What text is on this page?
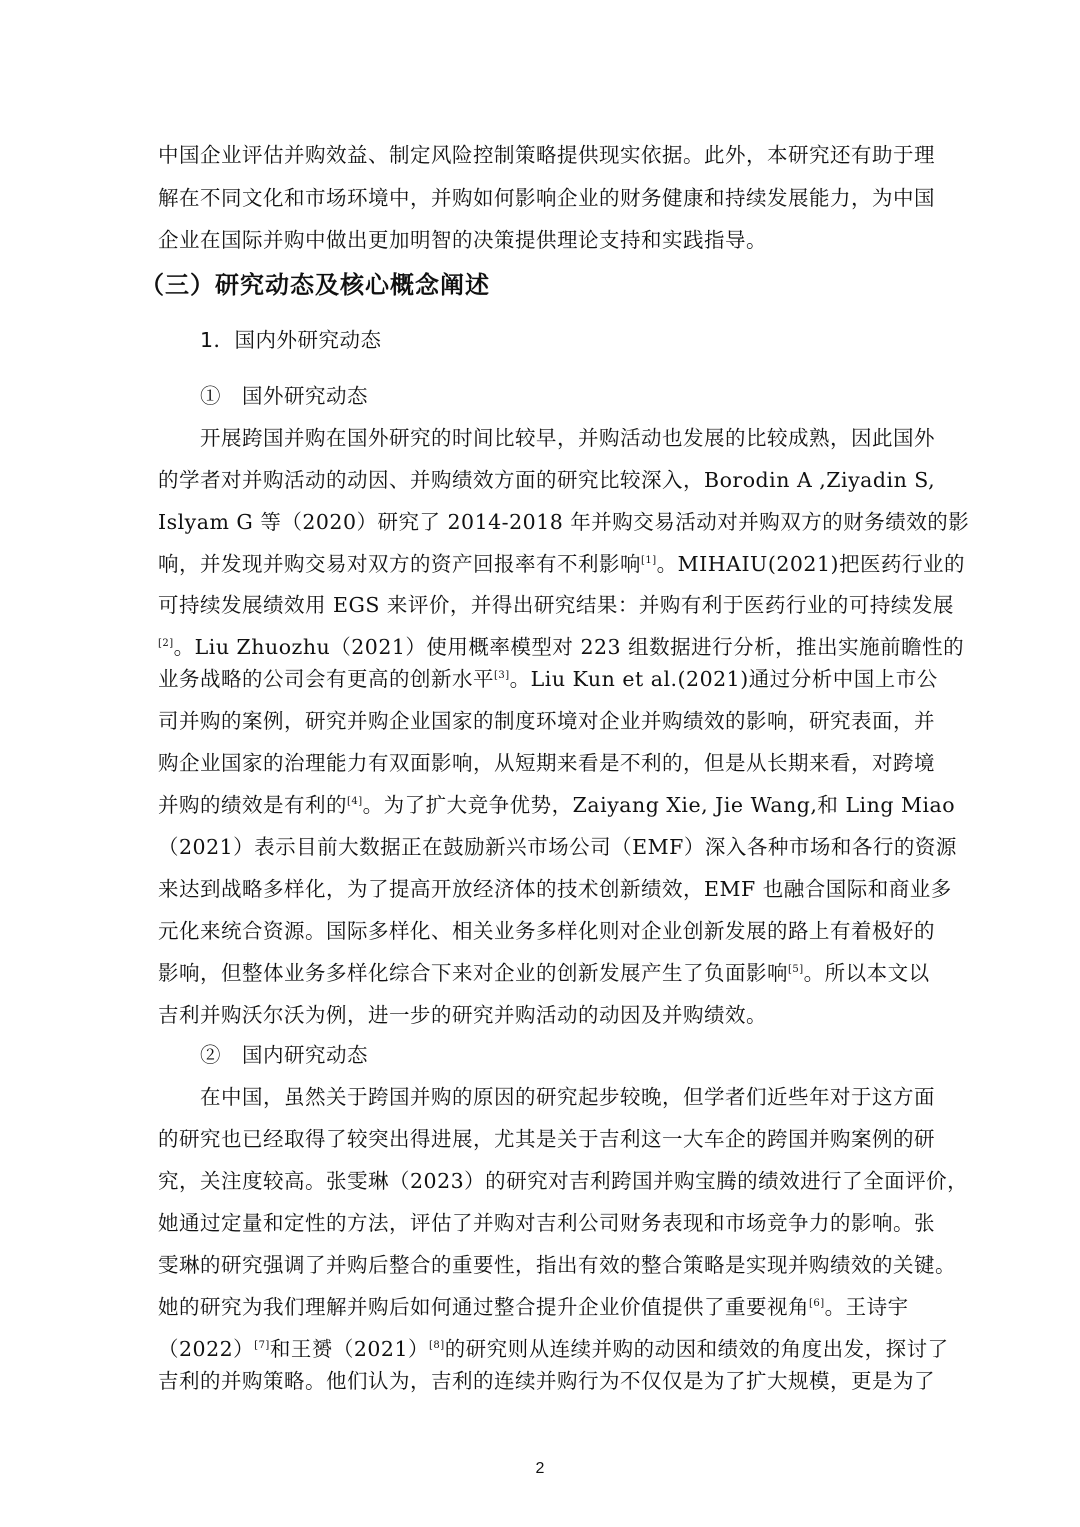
中国企业评估并购效益、制定风险控制策略提供现实依据。此外，本研究还有助于理
解在不同文化和市场环境中，并购如何影响企业的财务健康和持续发展能力，为中国
企业在国际并购中做出更加明智的决策提供理论支持和实践指导。
（三）研究动态及核心概念阐述
1．国内外研究动态
①　国外研究动态
开展跨国并购在国外研究的时间比较早，并购活动也发展的比较成熟，因此国外
的学者对并购活动的动因、并购绩效方面的研究比较深入，Borodin A ,Ziyadin S,
Islyam G 等（2020）研究了 2014-2018 年并购交易活动对并购双方的财务绩效的影
响，并发现并购交易对双方的资产回报率有不利影响[1]。MIHAIU(2021)把医药行业的
可持续发展绩效用 EGS 来评价，并得出研究结果：并购有利于医药行业的可持续发展
[2]。Liu Zhuozhu（2021）使用概率模型对 223 组数据进行分析，推出实施前瞻性的
业务战略的公司会有更高的创新水平[3]。Liu Kun et al.(2021)通过分析中国上市公
司并购的案例，研究并购企业国家的制度环境对企业并购绩效的影响，研究表面，并
购企业国家的治理能力有双面影响，从短期来看是不利的，但是从长期来看，对跨境
并购的绩效是有利的[4]。为了扩大竞争优势，Zaiyang Xie, Jie Wang,和 Ling Miao
（2021）表示目前大数据正在鼓励新兴市场公司（EMF）深入各种市场和各行的资源
来达到战略多样化，为了提高开放经济体的技术创新绩效，EMF 也融合国际和商业多
元化来统合资源。国际多样化、相关业务多样化则对企业创新发展的路上有着极好的
影响，但整体业务多样化综合下来对企业的创新发展产生了负面影响[5]。所以本文以
吉利并购沃尔沃为例，进一步的研究并购活动的动因及并购绩效。
②　国内研究动态
在中国，虽然关于跨国并购的原因的研究起步较晚，但学者们近些年对于这方面
的研究也已经取得了较突出得进展，尤其是关于吉利这一大车企的跨国并购案例的研
究，关注度较高。张雯琳（2023）的研究对吉利跨国并购宝腾的绩效进行了全面评价，
她通过定量和定性的方法，评估了并购对吉利公司财务表现和市场竞争力的影响。张
雯琳的研究强调了并购后整合的重要性，指出有效的整合策略是实现并购绩效的关键。
她的研究为我们理解并购后如何通过整合提升企业价值提供了重要视角[6]。王诗宇
（2022）[7]和王赟（2021）[8]的研究则从连续并购的动因和绩效的角度出发，探讨了
吉利的并购策略。他们认为，吉利的连续并购行为不仅仅是为了扩大规模，更是为了
2
